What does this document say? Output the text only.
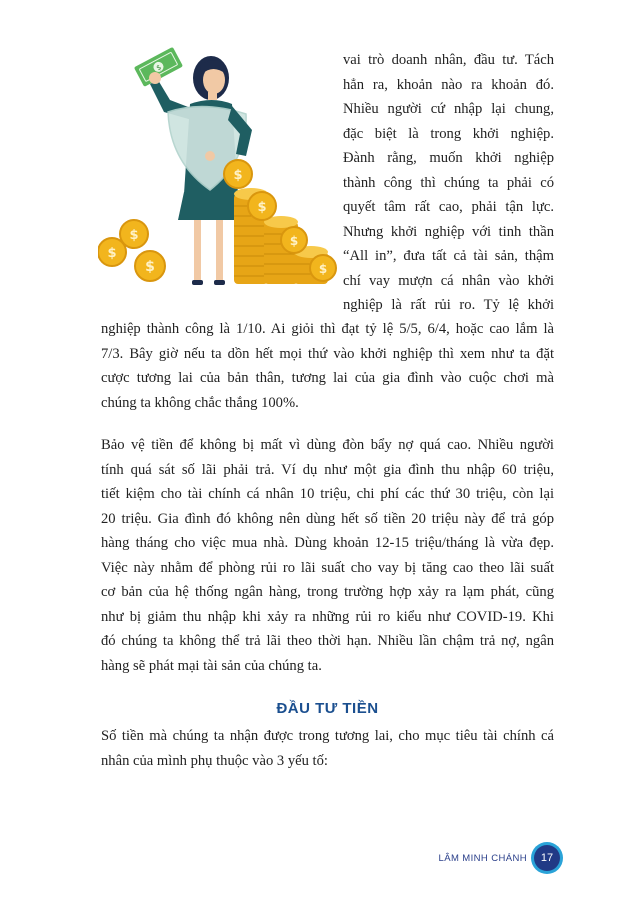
$
$
$
$
$
$
$
$
vai trò doanh nhân, đầu tư. Tách
hẳn ra, khoản nào ra khoản đó.
Nhiều người cứ nhập lại chung,
đặc biệt là trong khởi nghiệp.
Đành rằng, muốn khởi nghiệp
thành công thì chúng ta phải có
quyết tâm rất cao, phải tận lực.
Nhưng khởi nghiệp với tinh thần
“All in”, đưa tất cả tài sản, thậm
chí vay mượn cá nhân vào khởi
nghiệp là rất rủi ro. Tỷ lệ khởi
nghiệp thành công là 1/10. Ai giỏi thì đạt tỷ lệ 5/5, 6/4, hoặc cao lắm là
7/3. Bây giờ nếu ta dồn hết mọi thứ vào khởi nghiệp thì xem như ta đặt
cược tương lai của bản thân, tương lai của gia đình vào cuộc chơi mà
chúng ta không chắc thắng 100%.
Bảo vệ tiền để không bị mất vì dùng đòn bẩy nợ quá cao. Nhiều người
tính quá sát số lãi phải trả. Ví dụ như một gia đình thu nhập 60 triệu,
tiết kiệm cho tài chính cá nhân 10 triệu, chi phí các thứ 30 triệu, còn lại
20 triệu. Gia đình đó không nên dùng hết số tiền 20 triệu này để trả góp
hàng tháng cho việc mua nhà. Dùng khoản 12-15 triệu/tháng là vừa đẹp.
Việc này nhằm để phòng rủi ro lãi suất cho vay bị tăng cao theo lãi suất
cơ bản của hệ thống ngân hàng, trong trường hợp xảy ra lạm phát, cũng
như bị giảm thu nhập khi xảy ra những rủi ro kiểu như COVID-19. Khi
đó chúng ta không thể trả lãi theo thời hạn. Nhiều lần chậm trả nợ, ngân
hàng sẽ phát mại tài sản của chúng ta.
ĐẦU TƯ TIỀN
Số tiền mà chúng ta nhận được trong tương lai, cho mục tiêu tài chính cá
nhân của mình phụ thuộc vào 3 yếu tố:
LÂM MINH CHÁNH	17
